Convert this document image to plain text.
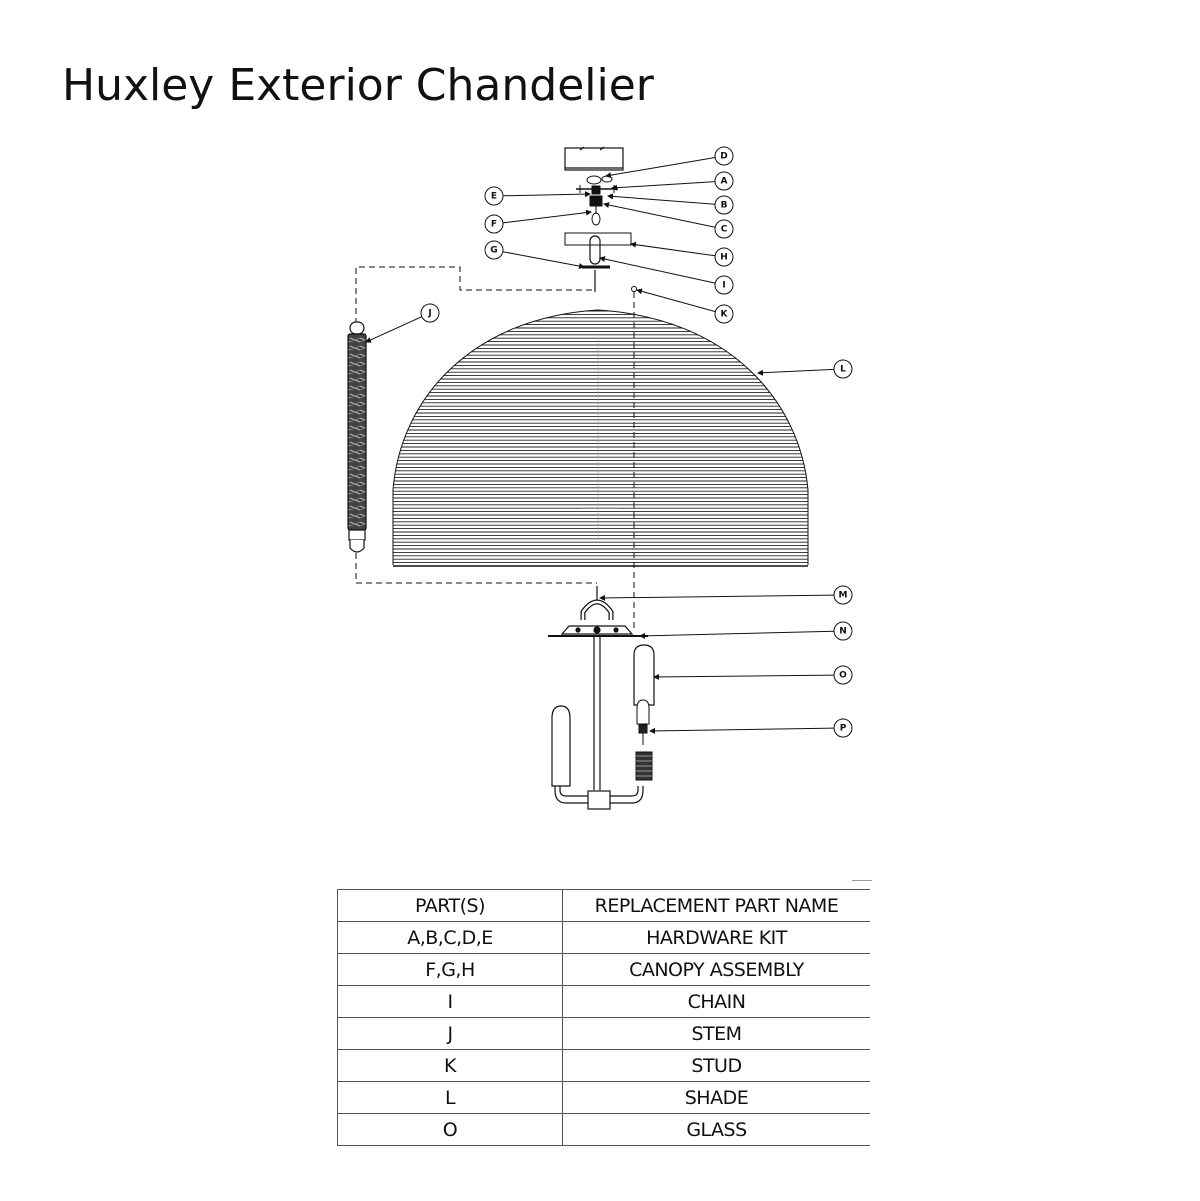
Huxley Exterior Chandelier
A
B
C
D
E
F
G
H
I
J	K
L
M
N
O
P
PART(S)	REPLACEMENT PART NAME
A,B,C,D,E	HARDWARE KIT
F,G,H	CANOPY ASSEMBLY
I	CHAIN
J	STEM
K	STUD
L	SHADE
O	GLASS
